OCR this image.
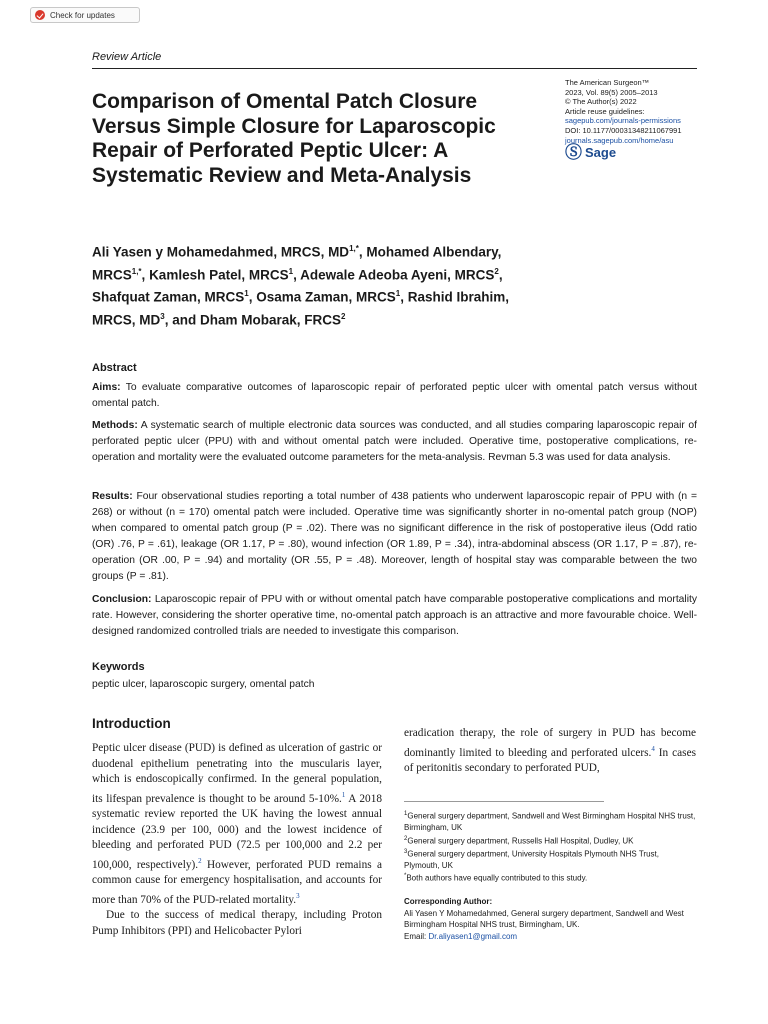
Check for updates
Review Article
Comparison of Omental Patch Closure Versus Simple Closure for Laparoscopic Repair of Perforated Peptic Ulcer: A Systematic Review and Meta-Analysis
The American Surgeon™
2023, Vol. 89(5) 2005–2013
© The Author(s) 2022
Article reuse guidelines:
sagepub.com/journals-permissions
DOI: 10.1177/00031348211067991
journals.sagepub.com/home/asu
Ⓢ Sage
Ali Yasen y Mohamedahmed, MRCS, $MD^{1,*}$, Mohamed Albendary, $MRCS^{1,*}$, Kamlesh Patel, MRCS$^1$, Adewale Adeoba Ayeni, MRCS$^2$, Shafquat Zaman, MRCS$^1$, Osama Zaman, MRCS$^1$, Rashid Ibrahim, MRCS, $MD^3$, and Dham Mobarak, FRCS$^2$
Abstract
Aims: To evaluate comparative outcomes of laparoscopic repair of perforated peptic ulcer with omental patch versus without omental patch.
Methods: A systematic search of multiple electronic data sources was conducted, and all studies comparing laparoscopic repair of perforated peptic ulcer (PPU) with and without omental patch were included. Operative time, postoperative complications, re-operation and mortality were the evaluated outcome parameters for the meta-analysis. Revman 5.3 was used for data analysis.
Results: Four observational studies reporting a total number of 438 patients who underwent laparoscopic repair of PPU with (n = 268) or without (n = 170) omental patch were included. Operative time was significantly shorter in no-omental patch group (NOP) when compared to omental patch group (P = .02). There was no significant difference in the risk of postoperative ileus (Odd ratio (OR) .76, P = .61), leakage (OR 1.17, P = .80), wound infection (OR 1.89, P = .34), intra-abdominal abscess (OR 1.17, P = .87), re-operation (OR .00, P = .94) and mortality (OR .55, P = .48). Moreover, length of hospital stay was comparable between the two groups (P = .81).
Conclusion: Laparoscopic repair of PPU with or without omental patch have comparable postoperative complications and mortality rate. However, considering the shorter operative time, no-omental patch approach is an attractive and more favourable choice. Well-designed randomized controlled trials are needed to investigate this comparison.
Keywords
peptic ulcer, laparoscopic surgery, omental patch
Introduction

Peptic ulcer disease (PUD) is defined as ulceration of gastric or duodenal epithelium penetrating into the muscularis layer, which is endoscopically confirmed. In the general population, its lifespan prevalence is thought to be around 5-10%.$^1$ A 2018 systematic review reported the UK having the lowest annual incidence (23.9 per 100, 000) and the lowest incidence of bleeding and perforated PUD (72.5 per 100,000 and 2.2 per 100,000, respectively).$^2$ However, perforated PUD remains a common cause for emergency hospitalisation, and accounts for more than 70% of the PUD-related mortality.$^3$

Due to the success of medical therapy, including Proton Pump Inhibitors (PPI) and Helicobacter Pylori

eradication therapy, the role of surgery in PUD has become dominantly limited to bleeding and perforated ulcers.$^4$ In cases of peritonitis secondary to perforated PUD,

$^1$General surgery department, Sandwell and West Birmingham Hospital NHS trust, Birmingham, UK
$^2$General surgery department, Russells Hall Hospital, Dudley, UK
$^3$General surgery department, University Hospitals Plymouth NHS Trust, Plymouth, UK
*Both authors have equally contributed to this study.
Corresponding Author:
Ali Yasen Y Mohamedahmed, General surgery department, Sandwell and West Birmingham Hospital NHS trust, Birmingham, UK.
Email: Dr.aliyasen1@gmail.com
